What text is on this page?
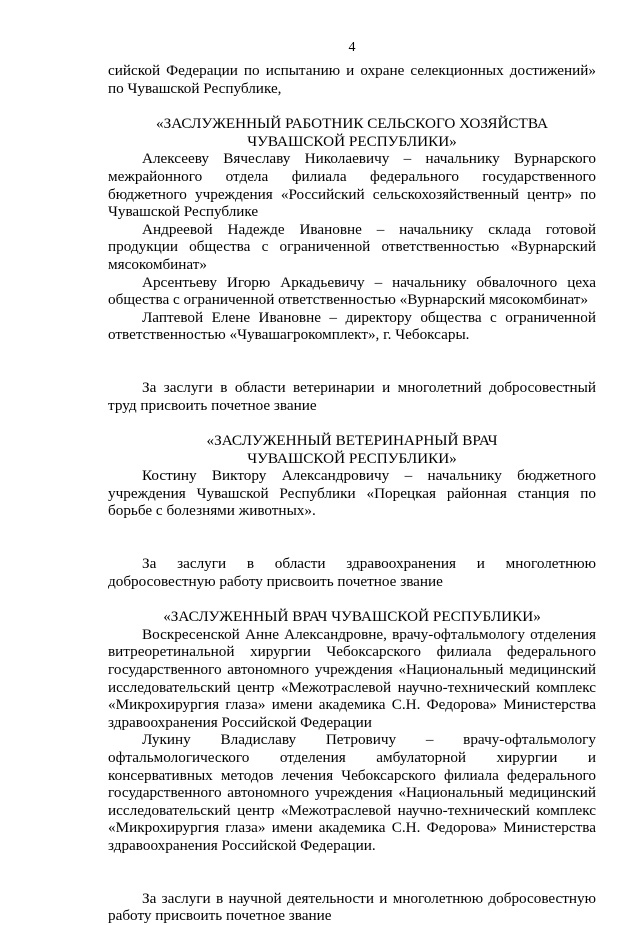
4

сийской Федерации по испытанию и охране селекционных достижений» по Чувашской Республике,

«ЗАСЛУЖЕННЫЙ РАБОТНИК СЕЛЬСКОГО ХОЗЯЙСТВА
ЧУВАШСКОЙ РЕСПУБЛИКИ»

Алексееву Вячеславу Николаевичу – начальнику Вурнарского межрайонного отдела филиала федерального государственного бюджетного учреждения «Российский сельскохозяйственный центр» по Чувашской Республике

Андреевой Надежде Ивановне – начальнику склада готовой продукции общества с ограниченной ответственностью «Вурнарский мясокомбинат»

Арсентьеву Игорю Аркадьевичу – начальнику обвалочного цеха общества с ограниченной ответственностью «Вурнарский мясокомбинат»

Лаптевой Елене Ивановне – директору общества с ограниченной ответственностью «Чувашагрокомплект», г. Чебоксары.

За заслуги в области ветеринарии и многолетний добросовестный труд присвоить почетное звание

«ЗАСЛУЖЕННЫЙ ВЕТЕРИНАРНЫЙ ВРАЧ
ЧУВАШСКОЙ РЕСПУБЛИКИ»

Костину Виктору Александровичу – начальнику бюджетного учреждения Чувашской Республики «Порецкая районная станция по борьбе с болезнями животных».

За заслуги в области здравоохранения и многолетнюю добросовестную работу присвоить почетное звание

«ЗАСЛУЖЕННЫЙ ВРАЧ ЧУВАШСКОЙ РЕСПУБЛИКИ»

Воскресенской Анне Александровне, врачу-офтальмологу отделения витреоретинальной хирургии Чебоксарского филиала федерального государственного автономного учреждения «Национальный медицинский исследовательский центр «Межотраслевой научно-технический комплекс «Микрохирургия глаза» имени академика С.Н. Федорова» Министерства здравоохранения Российской Федерации

Лукину Владиславу Петровичу – врачу-офтальмологу офтальмологического отделения амбулаторной хирургии и консервативных методов лечения Чебоксарского филиала федерального государственного автономного учреждения «Национальный медицинский исследовательский центр «Межотраслевой научно-технический комплекс «Микрохирургия глаза» имени академика С.Н. Федорова» Министерства здравоохранения Российской Федерации.

За заслуги в научной деятельности и многолетнюю добросовестную работу присвоить почетное звание
